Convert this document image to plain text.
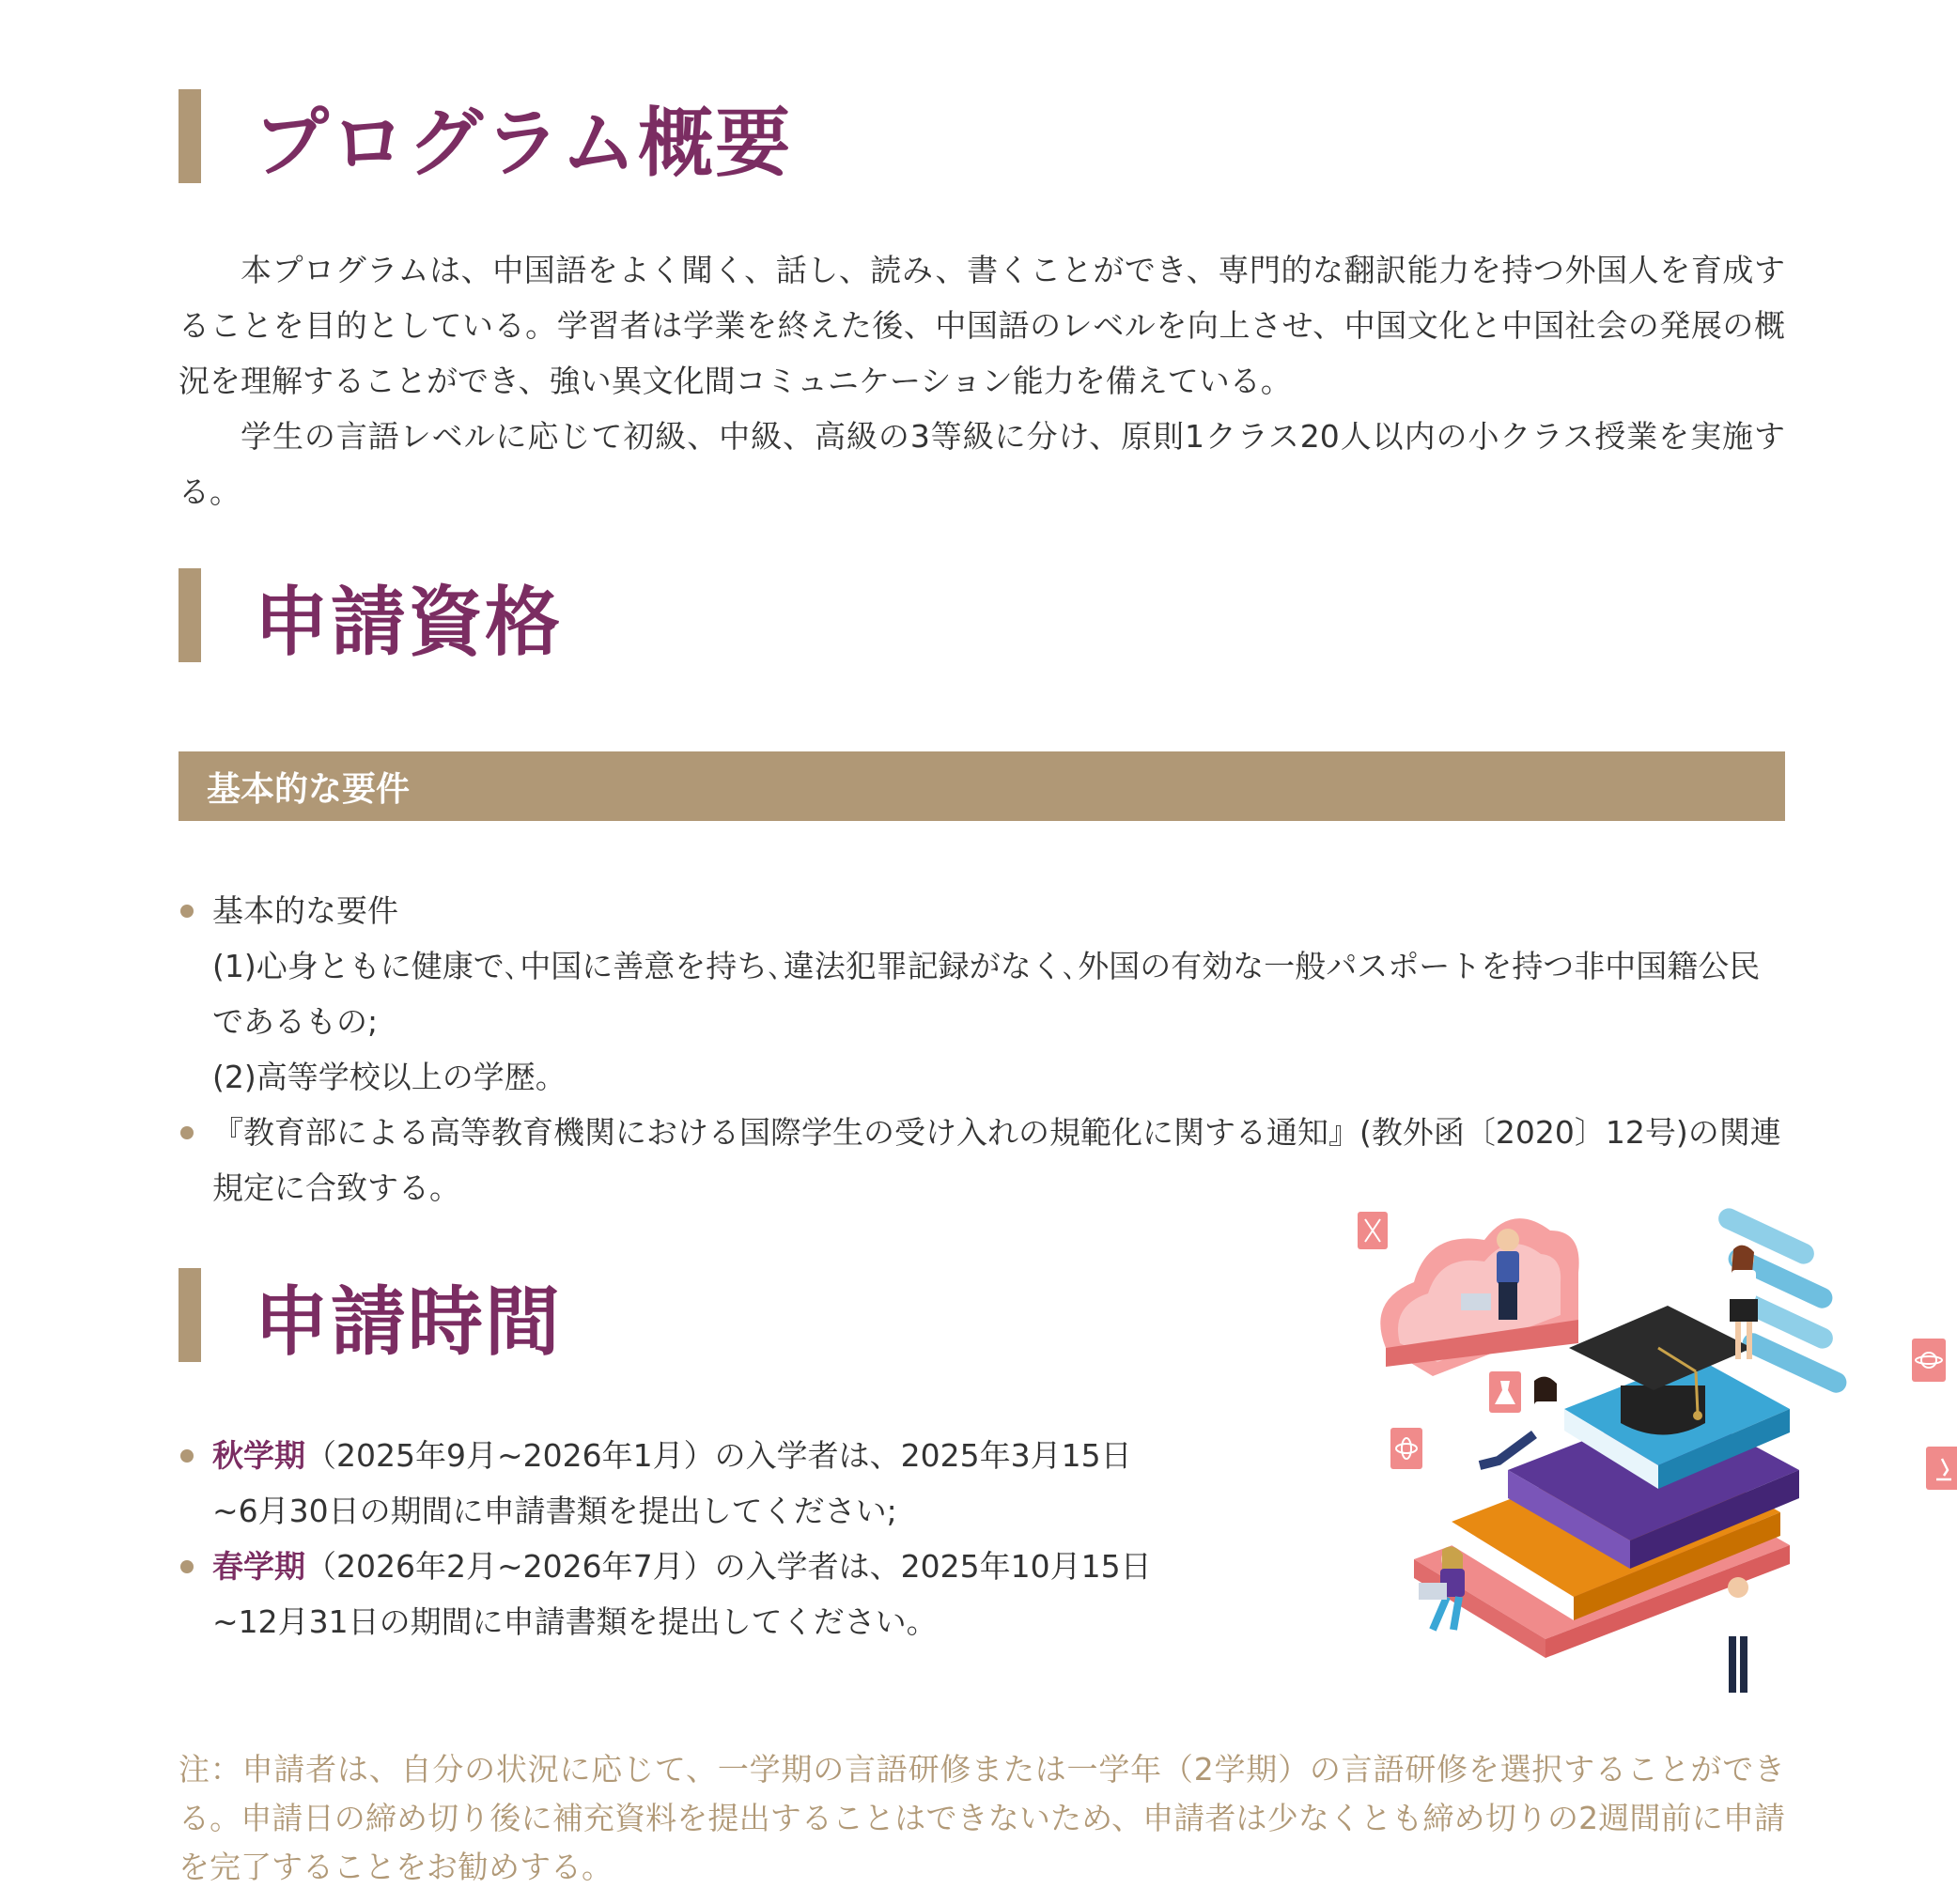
プログラム概要

本プログラムは、中国語をよく聞く、話し、読み、書くことができ、専門的な翻訳能力を持つ外国人を育成することを目的としている。学習者は学業を終えた後、中国語のレベルを向上させ、中国文化と中国社会の発展の概況を理解することができ、強い異文化間コミュニケーション能力を備えている。

学生の言語レベルに応じて初級、中級、高級の3等級に分け、原則1クラス20人以内の小クラス授業を実施する。

申請資格
基本的な要件
基本的な要件
(1)心身ともに健康で､中国に善意を持ち､違法犯罪記録がなく､外国の有効な一般パスポートを持つ非中国籍公民であるもの;
(2)高等学校以上の学歴。
『教育部による高等教育機関における国際学生の受け入れの規範化に関する通知』(教外函〔2020〕12号)の関連規定に合致する。
申請時間
秋学期（2025年9月~2026年1月）の入学者は、2025年3月15日~6月30日の期間に申請書類を提出してください;
春学期（2026年2月~2026年7月）の入学者は、2025年10月15日~12月31日の期間に申請書類を提出してください。
注：申請者は、自分の状況に応じて、一学期の言語研修または一学年（2学期）の言語研修を選択することができる。申請日の締め切り後に補充資料を提出することはできないため、申請者は少なくとも締め切りの2週間前に申請を完了することをお勧めする。
